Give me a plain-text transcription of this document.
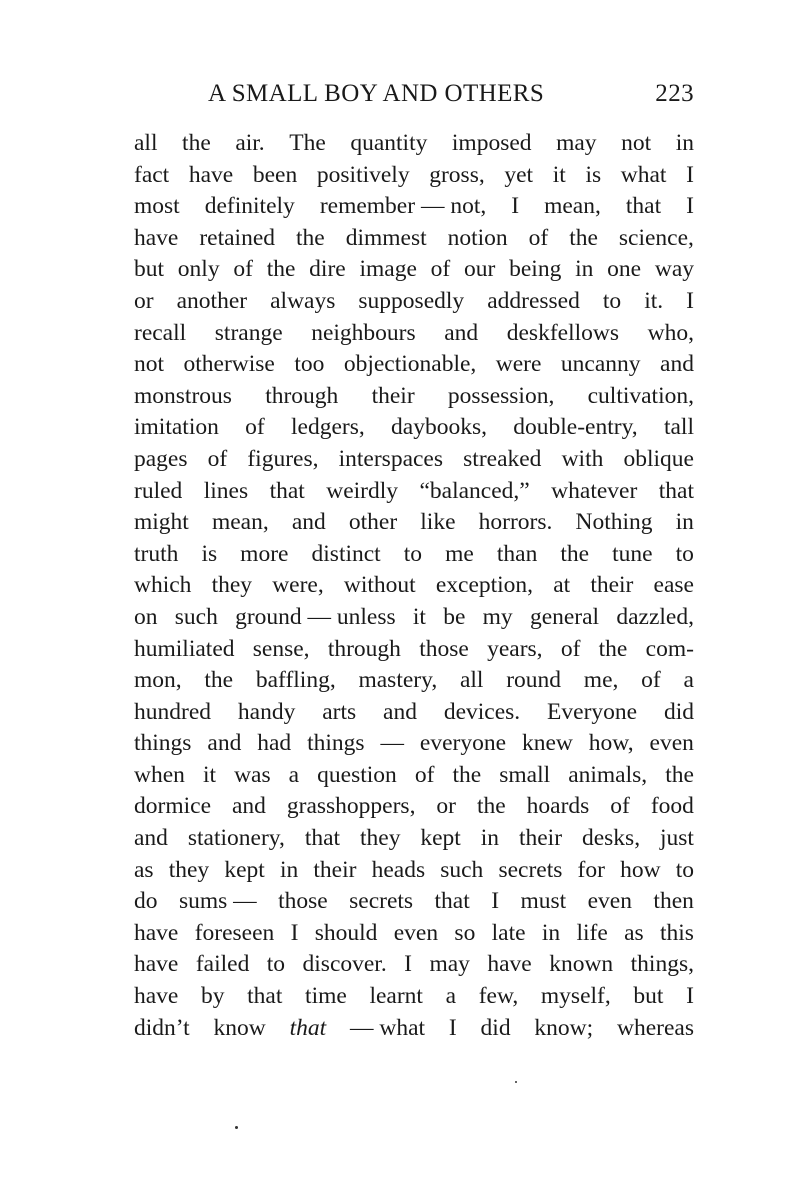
A SMALL BOY AND OTHERS	223
all the air. The quantity imposed may not in
fact have been positively gross, yet it is what I
most definitely remember — not, I mean, that I
have retained the dimmest notion of the science,
but only of the dire image of our being in one way
or another always supposedly addressed to it. I
recall strange neighbours and deskfellows who,
not otherwise too objectionable, were uncanny and
monstrous through their possession, cultivation,
imitation of ledgers, daybooks, double-entry, tall
pages of figures, interspaces streaked with oblique
ruled lines that weirdly “balanced,” whatever that
might mean, and other like horrors. Nothing in
truth is more distinct to me than the tune to
which they were, without exception, at their ease
on such ground — unless it be my general dazzled,
humiliated sense, through those years, of the com-
mon, the baffling, mastery, all round me, of a
hundred handy arts and devices. Everyone did
things and had things — everyone knew how, even
when it was a question of the small animals, the
dormice and grasshoppers, or the hoards of food
and stationery, that they kept in their desks, just
as they kept in their heads such secrets for how to
do sums — those secrets that I must even then
have foreseen I should even so late in life as this
have failed to discover. I may have known things,
have by that time learnt a few, myself, but I
didn’t know that — what I did know; whereas
